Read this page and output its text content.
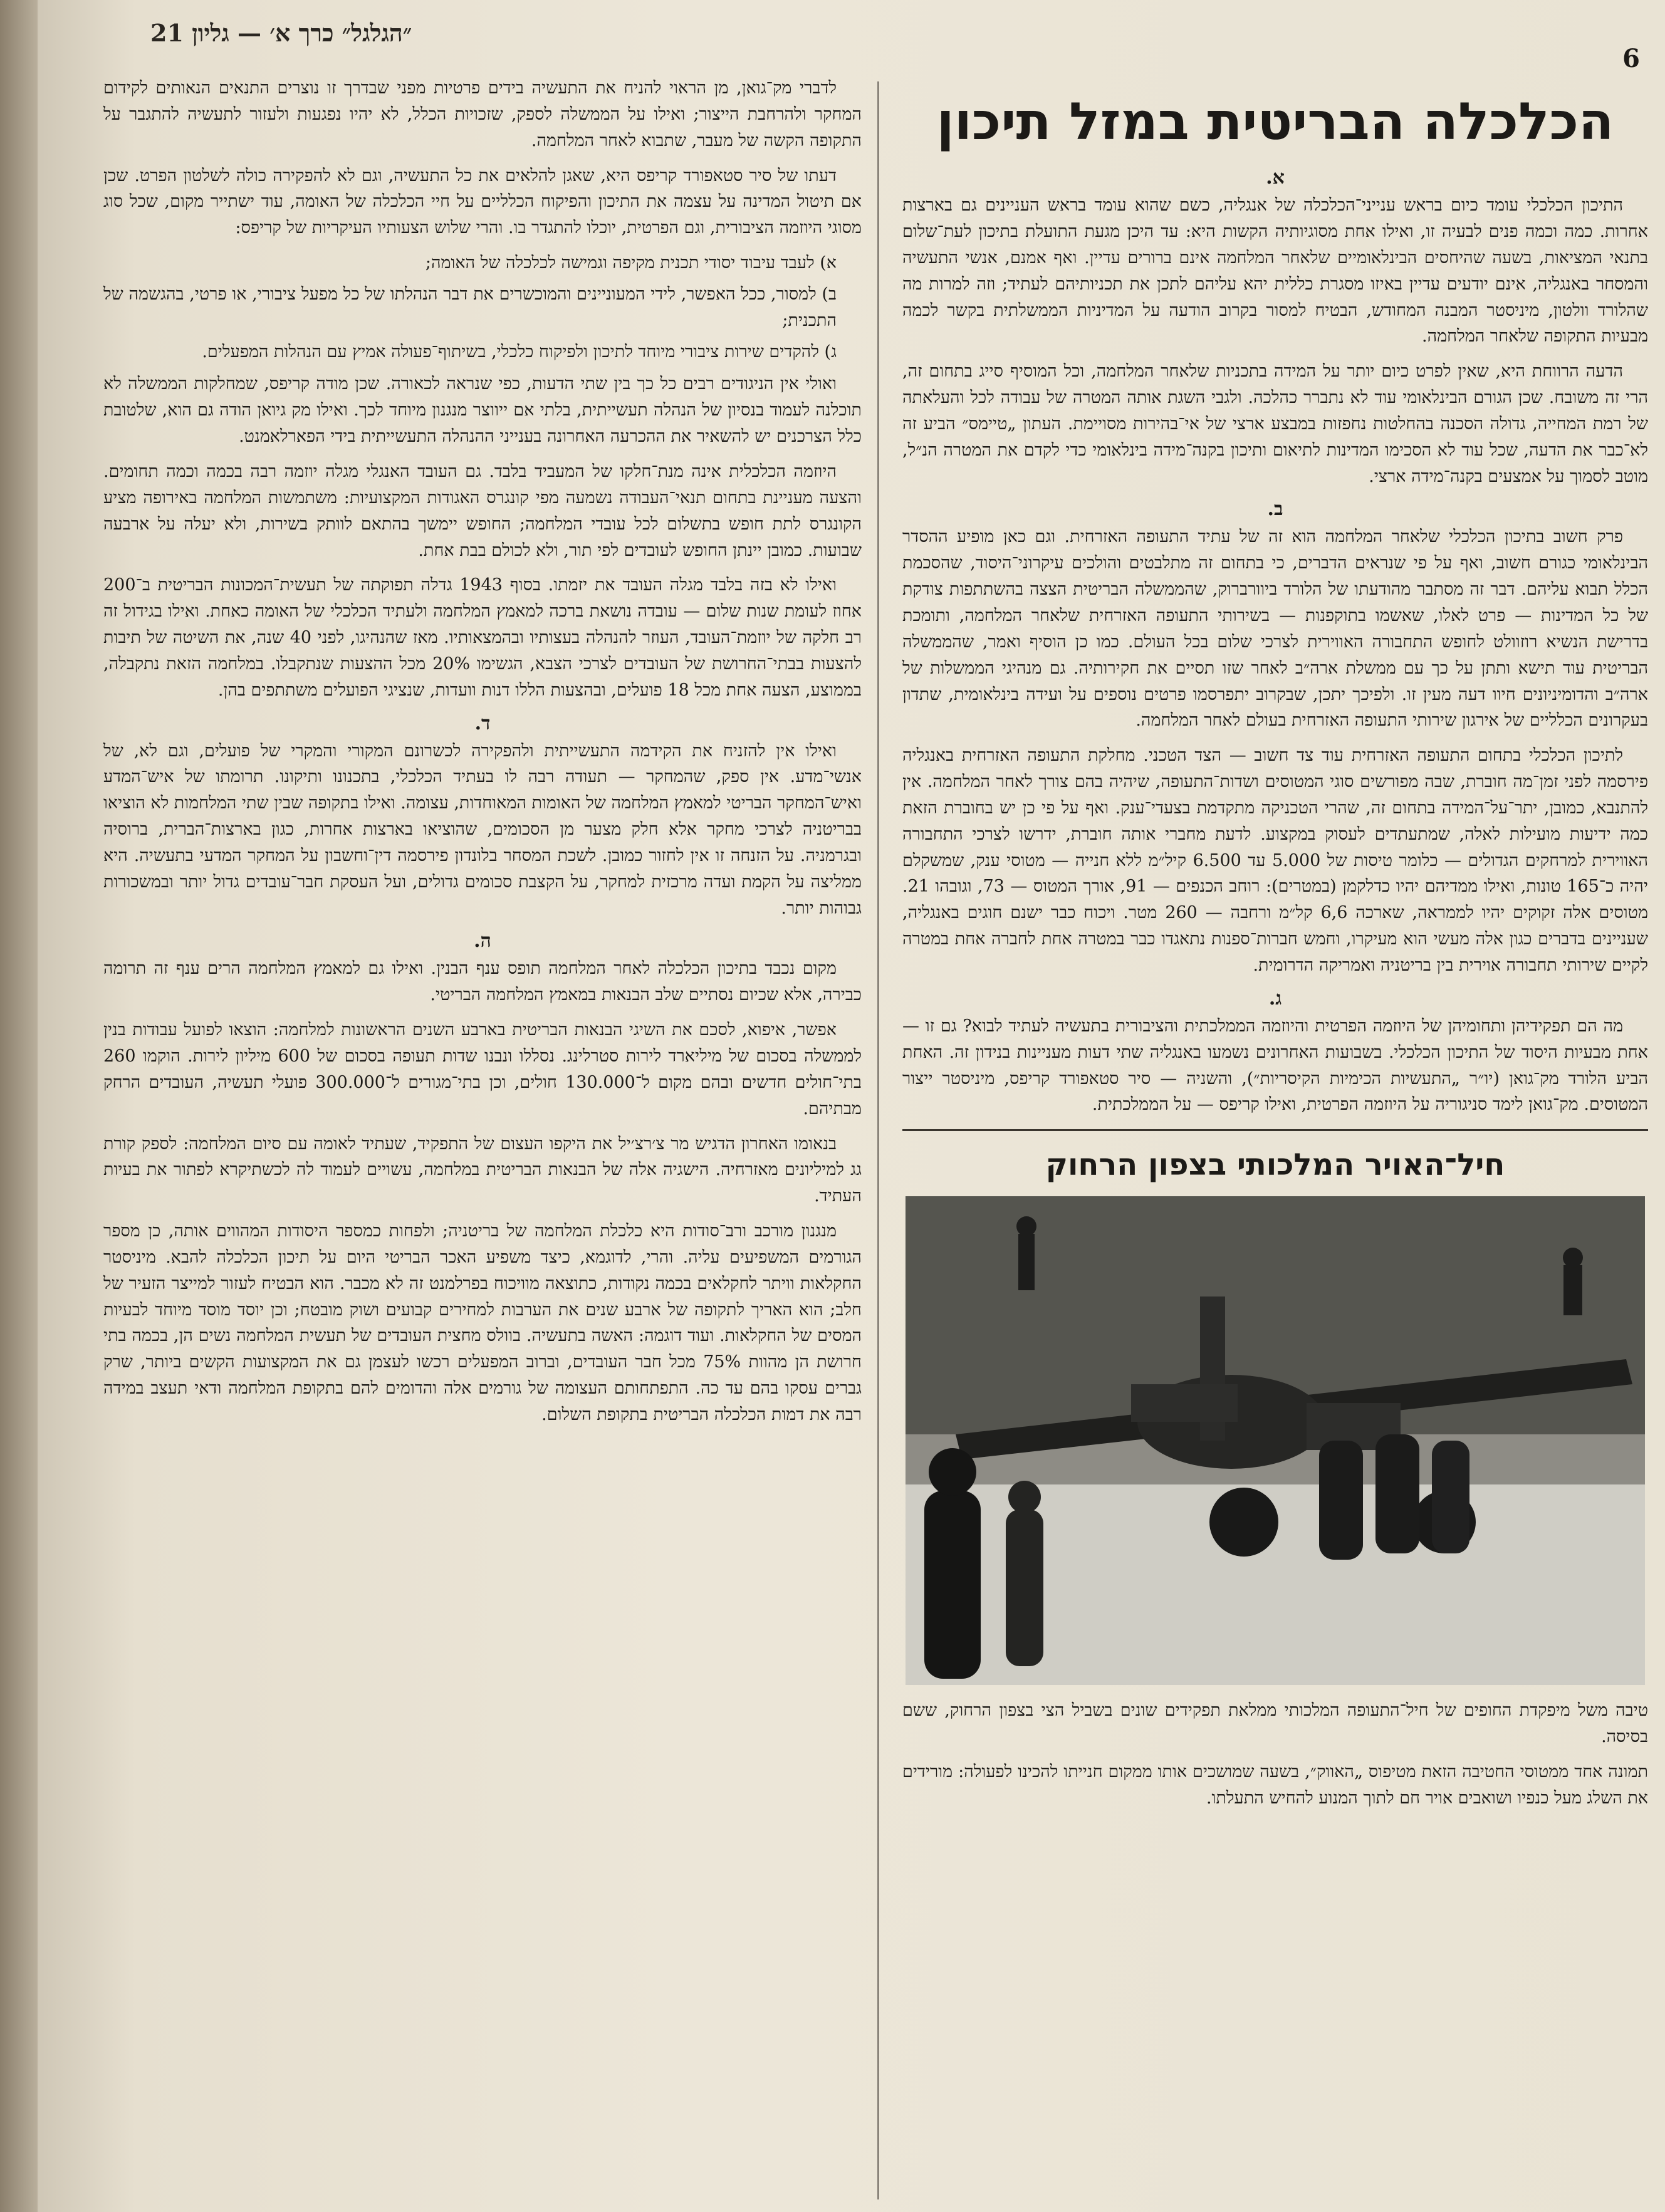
״הגלגל״ כרך א׳ — גליון 21
6
הכלכלה הבריטית במזל תיכון
א.

התיכון הכלכלי עומד כיום בראש ענייני־הכלכלה של אנגליה, כשם שהוא עומד בראש העניינים גם בארצות אחרות. כמה וכמה פנים לבעיה זו, ואילו אחת מסוגיותיה הקשות היא: עד היכן מגעת התועלת בתיכון לעת־שלום בתנאי המציאות, בשעה שהיחסים הבינלאומיים שלאחר המלחמה אינם ברורים עדיין. ואף אמנם, אנשי התעשיה והמסחר באנגליה, אינם יודעים עדיין באיזו מסגרת כללית יהא עליהם לתכן את תכניותיהם לעתיד; וזה למרות מה שהלורד וולטון, מיניסטר המבנה המחודש, הבטיח למסור בקרוב הודעה על המדיניות הממשלתית בקשר לכמה מבעיות התקופה שלאחר המלחמה.

הדעה הרווחת היא, שאין לפרט כיום יותר על המידה בתכניות שלאחר המלחמה, וכל המוסיף סייג בתחום זה, הרי זה משובח. שכן הגורם הבינלאומי עוד לא נתברר כהלכה. ולגבי השגת אותה המטרה של עבודה לכל והעלאתה של רמת המחייה, גדולה הסכנה בהחלטות נחפזות במבצע ארצי של אי־בהירות מסויימת. העתון „טיימס״ הביע זה לא־כבר את הדעה, שכל עוד לא הסכימו המדינות לתיאום ותיכון בקנה־מידה בינלאומי כדי לקדם את המטרה הנ״ל, מוטב לסמוך על אמצעים בקנה־מידה ארצי.

ב.

פרק חשוב בתיכון הכלכלי שלאחר המלחמה הוא זה של עתיד התעופה האזרחית. וגם כאן מופיע ההסדר הבינלאומי כגורם חשוב, ואף על פי שנראים הדברים, כי בתחום זה מתלבטים והולכים עיקרוני־היסוד, שהסכמת הכלל תבוא עליהם. דבר זה מסתבר מהודעתו של הלורד ביוורברוק, שהממשלה הבריטית הצצה בהשתתפות צודקת של כל המדינות — פרט לאלו, שאשמו בתוקפנות — בשירותי התעופה האזרחית שלאחר המלחמה, ותומכת בדרישת הנשיא רוזוולט לחופש התחבורה האווירית לצרכי שלום בכל העולם. כמו כן הוסיף ואמר, שהממשלה הבריטית עוד תישא ותתן על כך עם ממשלת ארה״ב לאחר שזו תסיים את חקירותיה. גם מנהיגי הממשלות של ארה״ב והדומיניונים חיוו דעה מעין זו. ולפיכך יתכן, שבקרוב יתפרסמו פרטים נוספים על ועידה בינלאומית, שתדון בעקרונים הכלליים של אירגון שירותי התעופה האזרחית בעולם לאחר המלחמה.

לתיכון הכלכלי בתחום התעופה האזרחית עוד צד חשוב — הצד הטכני. מחלקת התעופה האזרחית באנגליה פירסמה לפני זמן־מה חוברת, שבה מפורשים סוגי המטוסים ושדות־התעופה, שיהיה בהם צורך לאחר המלחמה. אין להתנבא, כמובן, יתר־על־המידה בתחום זה, שהרי הטכניקה מתקדמת בצעדי־ענק. ואף על פי כן יש בחוברת הזאת כמה ידיעות מועילות לאלה, שמתעתדים לעסוק במקצוע. לדעת מחברי אותה חוברת, ידרשו לצרכי התחבורה האווירית למרחקים הגדולים — כלומר טיסות של 5.000 עד 6.500 קיל״מ ללא חנייה — מטוסי ענק, שמשקלם יהיה כ־165 טונות, ואילו ממדיהם יהיו כדלקמן (במטרים): רוחב הכנפים — 91, אורך המטוס — 73, וגובהו 21. מטוסים אלה זקוקים יהיו לממראה, שארכה 6,6 קל״מ ורחבה — 260 מטר. ויכוח כבר ישנם חוגים באנגליה, שעניינים בדברים כגון אלה מעשי הוא מעיקרו, וחמש חברות־ספנות נתאגדו כבר במטרה אחת לחברה אחת במטרה לקיים שירותי תחבורה אוירית בין בריטניה ואמריקה הדרומית.

ג.

מה הם תפקידיהן ותחומיהן של היוזמה הפרטית והיוזמה הממלכתית והציבורית בתעשיה לעתיד לבוא? גם זו — אחת מבעיות היסוד של התיכון הכלכלי. בשבועות האחרונים נשמעו באנגליה שתי דעות מעניינות בנידון זה. האחת הביע הלורד מק־גואן (יו״ר „התעשיות הכימיות הקיסריות״), והשניה — סיר סטאפורד קריפס, מיניסטר ייצור המטוסים. מק־גואן לימד סניגוריה על היוזמה הפרטית, ואילו קריפס — על הממלכתית.

חיל־האויר המלכותי בצפון הרחוק

טיבה משל מיפקדת החופים של חיל־התעופה המלכותי ממלאת תפקידים שונים בשביל הצי בצפון הרחוק, ששם בסיסה.

תמונה אחד ממטוסי החטיבה הזאת מטיפוס „האווק״, בשעה שמושכים אותו ממקום חנייתו להכינו לפעולה: מורידים את השלג מעל כנפיו ושואבים אויר חם לתוך המנוע להחיש התעלתו.

לדברי מק־גואן, מן הראוי להניח את התעשיה בידים פרטיות מפני שבדרך זו נוצרים התנאים הנאותים לקידום המחקר ולהרחבת הייצור; ואילו על הממשלה לספק, שזכויות הכלל, לא יהיו נפגעות ולעזור לתעשיה להתגבר על התקופה הקשה של מעבר, שתבוא לאחר המלחמה.

דעתו של סיר סטאפורד קריפס היא, שאגן להלאים את כל התעשיה, וגם לא להפקירה כולה לשלטון הפרט. שכן אם תיטול המדינה על עצמה את התיכון והפיקוח הכלליים על חיי הכלכלה של האומה, עוד ישתייר מקום, שכל סוג מסוגי היוזמה הציבורית, וגם הפרטית, יוכלו להתגדר בו. והרי שלוש הצעותיו העיקריות של קריפס:

א) לעבד עיבוד יסודי תכנית מקיפה וגמישה לכלכלה של האומה;
ב) למסור, ככל האפשר, לידי המעוניינים והמוכשרים את דבר הנהלתו של כל מפעל ציבורי, או פרטי, בהגשמה של התכנית;
ג) להקדים שירות ציבורי מיוחד לתיכון ולפיקוח כלכלי, בשיתוף־פעולה אמיץ עם הנהלות המפעלים.

ואולי אין הניגודים רבים כל כך בין שתי הדעות, כפי שנראה לכאורה. שכן מודה קריפס, שמחלקות הממשלה לא תוכלנה לעמוד בנסיון של הנהלה תעשייתית, בלתי אם ייווצר מנגנון מיוחד לכך. ואילו מק גיואן הודה גם הוא, שלטובת כלל הצרכנים יש להשאיר את ההכרעה האחרונה בענייני ההנהלה התעשייתית בידי הפארלאמנט.

היוזמה הכלכלית אינה מנת־חלקו של המעביד בלבד. גם העובד האנגלי מגלה יוזמה רבה בכמה וכמה תחומים. והצעה מעניינת בתחום תנאי־העבודה נשמעה מפי קונגרס האגודות המקצועיות: משתמשות המלחמה באירופה מציע הקונגרס לתת חופש בתשלום לכל עובדי המלחמה; החופש יימשך בהתאם לוותק בשירות, ולא יעלה על ארבעה שבועות. כמובן יינתן החופש לעובדים לפי תור, ולא לכולם בבת אחת.

ואילו לא בזה בלבד מגלה העובד את יזמתו. בסוף 1943 גדלה תפוקתה של תעשית־המכונות הבריטית ב־200 אחוז לעומת שנות שלום — עובדה נושאת ברכה למאמץ המלחמה ולעתיד הכלכלי של האומה כאחת. ואילו בגידול זה רב חלקה של יוזמת־העובד, העוזר להנהלה בעצותיו ובהמצאותיו. מאז שהנהיגו, לפני 40 שנה, את השיטה של תיבות להצעות בבתי־החרושת של העובדים לצרכי הצבא, הגשימו 20% מכל ההצעות שנתקבלו. במלחמה הזאת נתקבלה, בממוצע, הצעה אחת מכל 18 פועלים, ובהצעות הללו דנות וועדות, שנציגי הפועלים משתתפים בהן.

ד.

ואילו אין להזניח את הקידמה התעשייתית ולהפקירה לכשרונם המקורי והמקרי של פועלים, וגם לא, של אנשי־מדע. אין ספק, שהמחקר — תעודה רבה לו בעתיד הכלכלי, בתכנונו ותיקונו. תרומתו של איש־המדע ואיש־המחקר הבריטי למאמץ המלחמה של האומות המאוחדות, עצומה. ואילו בתקופה שבין שתי המלחמות לא הוציאו בבריטניה לצרכי מחקר אלא חלק מצער מן הסכומים, שהוציאו בארצות אחרות, כגון בארצות־הברית, ברוסיה ובגרמניה. על הזנחה זו אין לחזור כמובן. לשכת המסחר בלונדון פירסמה דין־וחשבון על המחקר המדעי בתעשיה. היא ממליצה על הקמת ועדה מרכזית למחקר, על הקצבת סכומים גדולים, ועל העסקת חבר־עובדים גדול יותר ובמשכורות גבוהות יותר.

ה.

מקום נכבד בתיכון הכלכלה לאחר המלחמה תופס ענף הבנין. ואילו גם למאמץ המלחמה הרים ענף זה תרומה כבירה, אלא שכיום נסתיים שלב הבנאות במאמץ המלחמה הבריטי.

אפשר, איפוא, לסכם את השיגי הבנאות הבריטית בארבע השנים הראשונות למלחמה: הוצאו לפועל עבודות בנין לממשלה בסכום של מיליארד לירות סטרלינג. נסללו ונבנו שדות תעופה בסכום של 600 מיליון לירות. הוקמו 260 בתי־חולים חדשים ובהם מקום ל־130.000 חולים, וכן בתי־מגורים ל־300.000 פועלי תעשיה, העובדים הרחק מבתיהם.

בנאומו האחרון הדגיש מר צ׳רצ׳יל את היקפו העצום של התפקיד, שעתיד לאומה עם סיום המלחמה: לספק קורת גג למיליונים מאזרחיה. הישגיה אלה של הבנאות הבריטית במלחמה, עשויים לעמוד לה לכשתיקרא לפתור את בעיות העתיד.

מנגנון מורכב ורב־סודות היא כלכלת המלחמה של בריטניה; ולפחות כמספר היסודות המהווים אותה, כן מספר הגורמים המשפיעים עליה. והרי, לדוגמא, כיצד משפיע האכר הבריטי היום על תיכון הכלכלה להבא. מיניסטר החקלאות וויתר לחקלאים בכמה נקודות, כתוצאה מוויכוח בפרלמנט זה לא מכבר. הוא הבטיח לעזור למייצר הזעיר של חלב; הוא האריך לתקופה של ארבע שנים את הערבות למחירים קבועים ושוק מובטח; וכן יוסד מוסד מיוחד לבעיות המסים של החקלאות. ועוד דוגמה: האשה בתעשיה. בוולס מחצית העובדים של תעשית המלחמה נשים הן, בכמה בתי חרושת הן מהוות 75% מכל חבר העובדים, וברוב המפעלים רכשו לעצמן גם את המקצועות הקשים ביותר, שרק גברים עסקו בהם עד כה. התפתחותם העצומה של גורמים אלה והדומים להם בתקופת המלחמה ודאי תעצב במידה רבה את דמות הכלכלה הבריטית בתקופת השלום.
